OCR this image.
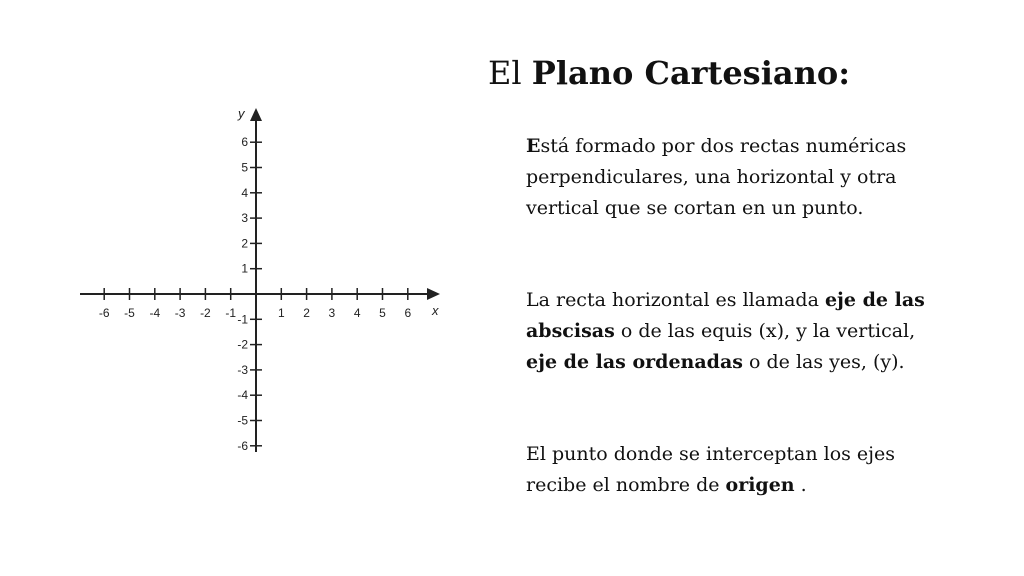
x
y
-6 -5 -4 -3 -2 -1	1 2 3 4 5 6
-6
-5
-4
-3
-2
-1
1
2
3
4
5
6
El Plano Cartesiano:

Está formado por dos rectas numéricas perpendiculares, una horizontal y otra vertical que se cortan en un punto.

La recta horizontal es llamada eje de las abscisas o de las equis (x), y la vertical, eje de las ordenadas o de las yes, (y).

El punto donde se interceptan los ejes recibe el nombre de origen .
